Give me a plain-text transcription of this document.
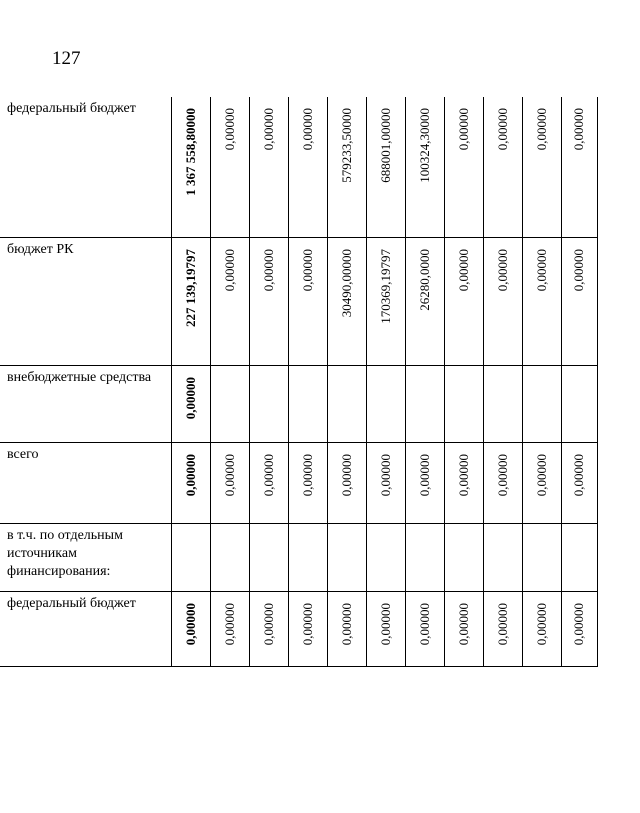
127
федеральный бюджет	1 367 558,80000	0,00000	0,00000	0,00000	579233,50000	688001,00000	100324,30000	0,00000	0,00000	0,00000	0,00000

бюджет РК	227 139,19797	0,00000	0,00000	0,00000	30490,00000	170369,19797	26280,0000	0,00000	0,00000	0,00000	0,00000

внебюджетные средства	0,00000										

всего	0,00000	0,00000	0,00000	0,00000	0,00000	0,00000	0,00000	0,00000	0,00000	0,00000	0,00000

в т.ч. по отдельным источникам финансирования:											

федеральный бюджет	0,00000	0,00000	0,00000	0,00000	0,00000	0,00000	0,00000	0,00000	0,00000	0,00000	0,00000
